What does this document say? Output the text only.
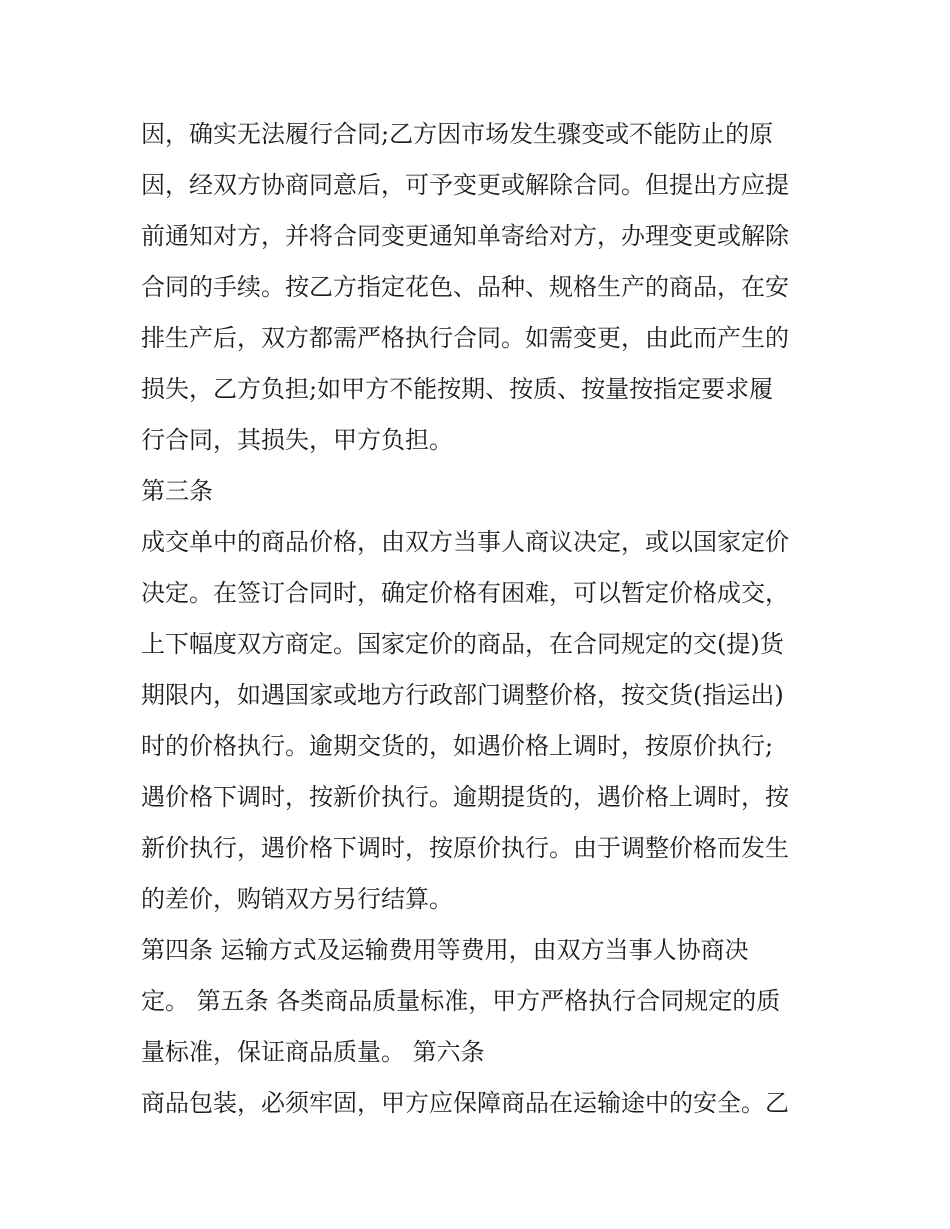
因，确实无法履行合同;乙方因市场发生骤变或不能防止的原

因，经双方协商同意后，可予变更或解除合同。但提出方应提

前通知对方，并将合同变更通知单寄给对方，办理变更或解除

合同的手续。按乙方指定花色、品种、规格生产的商品，在安

排生产后，双方都需严格执行合同。如需变更，由此而产生的

损失，乙方负担;如甲方不能按期、按质、按量按指定要求履

行合同，其损失，甲方负担。

第三条

成交单中的商品价格，由双方当事人商议决定，或以国家定价

决定。在签订合同时，确定价格有困难，可以暂定价格成交，

上下幅度双方商定。国家定价的商品，在合同规定的交(提)货

期限内，如遇国家或地方行政部门调整价格，按交货(指运出)

时的价格执行。逾期交货的，如遇价格上调时，按原价执行;

遇价格下调时，按新价执行。逾期提货的，遇价格上调时，按

新价执行，遇价格下调时，按原价执行。由于调整价格而发生

的差价，购销双方另行结算。

第四条 运输方式及运输费用等费用，由双方当事人协商决

定。 第五条 各类商品质量标准，甲方严格执行合同规定的质

量标准，保证商品质量。 第六条

商品包装，必须牢固，甲方应保障商品在运输途中的安全。乙
